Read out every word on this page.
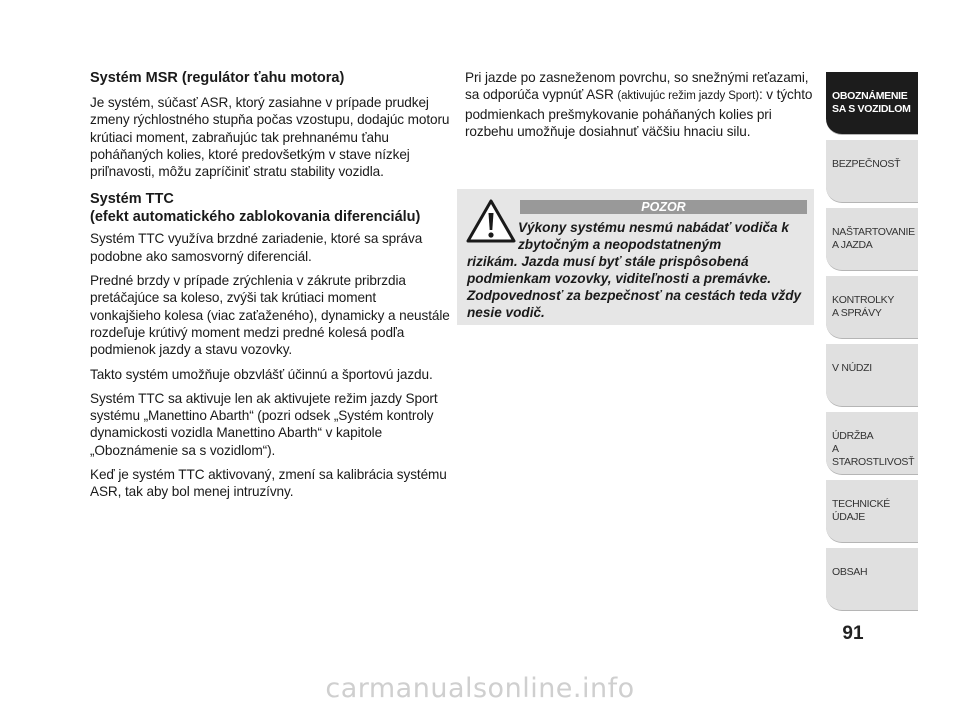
Systém MSR (regulátor ťahu motora)
Je systém, súčasť ASR, ktorý zasiahne v prípade prudkej zmeny rýchlostného stupňa počas vzostupu, dodajúc motoru krútiaci moment, zabraňujúc tak prehnanému ťahu poháňaných kolies, ktoré predovšetkým v stave nízkej priľnavosti, môžu zapríčiniť stratu stability vozidla.
Systém TTC
(efekt automatického zablokovania diferenciálu)
Systém TTC využíva brzdné zariadenie, ktoré sa správa podobne ako samosvorný diferenciál.
Predné brzdy v prípade zrýchlenia v zákrute pribrzdia pretáčajúce sa koleso, zvýši tak krútiaci moment vonkajšieho kolesa (viac zaťaženého), dynamicky a neustále rozdeľuje krútivý moment medzi predné kolesá podľa podmienok jazdy a stavu vozovky.
Takto systém umožňuje obzvlášť účinnú a športovú jazdu.
Systém TTC sa aktivuje len ak aktivujete režim jazdy Sport systému „Manettino Abarth“ (pozri odsek „Systém kontroly dynamickosti vozidla Manettino Abarth“ v kapitole „Oboznámenie sa s vozidlom“).
Keď je systém TTC aktivovaný, zmení sa kalibrácia systému ASR, tak aby bol menej intruzívny.
Pri jazde po zasneženom povrchu, so snežnými reťazami, sa odporúča vypnúť ASR (aktivujúc režim jazdy Sport): v týchto podmienkach prešmykovanie poháňaných kolies pri rozbehu umožňuje dosiahnuť väčšiu hnaciu silu.
POZOR
Výkony systému nesmú nabádať vodiča k zbytočným a neopodstatneným
rizikám. Jazda musí byť stále prispôsobená podmienkam vozovky, viditeľnosti a premávke. Zodpovednosť za bezpečnosť na cestách teda vždy nesie vodič.
OBOZNÁMENIE
SA S VOZIDLOM
BEZPEČNOSŤ
NAŠTARTOVANIE
A JAZDA
KONTROLKY
A SPRÁVY
V NÚDZI
ÚDRŽBA
A STAROSTLIVOSŤ
TECHNICKÉ
ÚDAJE
OBSAH
91
carmanualsonline.info
